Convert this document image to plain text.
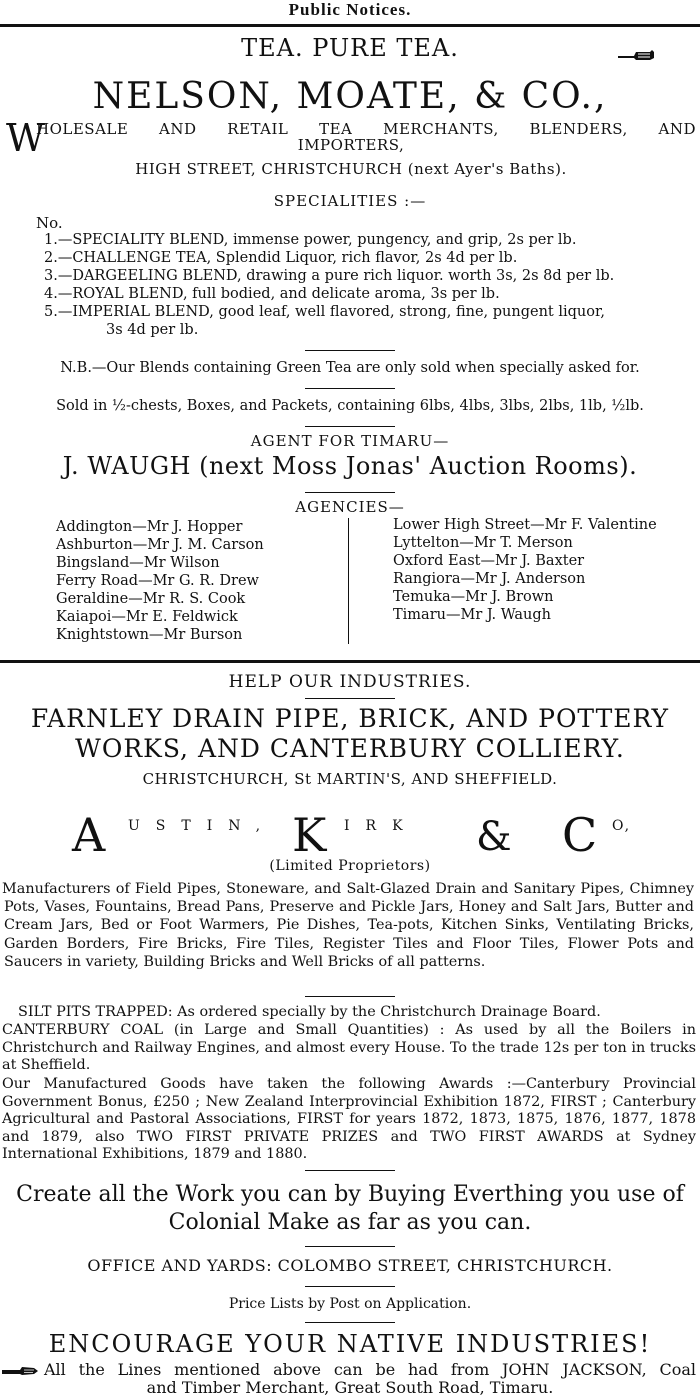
Public Notices.
TEA. PURE TEA.
NELSON, MOATE, & CO.,
W
HOLESALE AND RETAIL TEA MERCHANTS, BLENDERS, AND
IMPORTERS,
HIGH STREET, CHRISTCHURCH (next Ayer's Baths).
SPECIALITIES :—
No.
1.—SPECIALITY BLEND, immense power, pungency, and grip, 2s per lb.
2.—CHALLENGE TEA, Splendid Liquor, rich flavor, 2s 4d per lb.
3.—DARGEELING BLEND, drawing a pure rich liquor. worth 3s, 2s 8d per lb.
4.—ROYAL BLEND, full bodied, and delicate aroma, 3s per lb.
5.—IMPERIAL BLEND, good leaf, well flavored, strong, fine, pungent liquor,
3s 4d per lb.
N.B.—Our Blends containing Green Tea are only sold when specially asked for.
Sold in ½-chests, Boxes, and Packets, containing 6lbs, 4lbs, 3lbs, 2lbs, 1lb, ½lb.
AGENT FOR TIMARU—
J. WAUGH (next Moss Jonas' Auction Rooms).
AGENCIES—
Addington—Mr J. Hopper
Ashburton—Mr J. M. Carson
Bingsland—Mr Wilson
Ferry Road—Mr G. R. Drew
Geraldine—Mr R. S. Cook
Kaiapoi—Mr E. Feldwick
Knightstown—Mr Burson
Lower High Street—Mr F. Valentine
Lyttelton—Mr T. Merson
Oxford East—Mr J. Baxter
Rangiora—Mr J. Anderson
Temuka—Mr J. Brown
Timaru—Mr J. Waugh
HELP OUR INDUSTRIES.
FARNLEY DRAIN PIPE, BRICK, AND POTTERY
WORKS, AND CANTERBURY COLLIERY.
CHRISTCHURCH, St MARTIN'S, AND SHEFFIELD.
A USTIN, K IRK & C O,
(Limited Proprietors)
Manufacturers of Field Pipes, Stoneware, and Salt-Glazed Drain and Sanitary Pipes, Chimney Pots, Vases, Fountains, Bread Pans, Preserve and Pickle Jars, Honey and Salt Jars, Butter and Cream Jars, Bed or Foot Warmers, Pie Dishes, Tea-pots, Kitchen Sinks, Ventilating Bricks, Garden Borders, Fire Bricks, Fire Tiles, Register Tiles and Floor Tiles, Flower Pots and Saucers in variety, Building Bricks and Well Bricks of all patterns.
SILT PITS TRAPPED: As ordered specially by the Christchurch Drainage Board.
CANTERBURY COAL (in Large and Small Quantities) : As used by all the Boilers in Christchurch and Railway Engines, and almost every House. To the trade 12s per ton in trucks at Sheffield.
Our Manufactured Goods have taken the following Awards :—Canterbury Provincial Government Bonus, £250 ; New Zealand Interprovincial Exhibition 1872, FIRST ; Canterbury Agricultural and Pastoral Associations, FIRST for years 1872, 1873, 1875, 1876, 1877, 1878 and 1879, also TWO FIRST PRIVATE PRIZES and TWO FIRST AWARDS at Sydney International Exhibitions, 1879 and 1880.
Create all the Work you can by Buying Everthing you use of
Colonial Make as far as you can.
OFFICE AND YARDS: COLOMBO STREET, CHRISTCHURCH.
Price Lists by Post on Application.
ENCOURAGE YOUR NATIVE INDUSTRIES!
All the Lines mentioned above can be had from JOHN JACKSON, Coal
and Timber Merchant, Great South Road, Timaru.
